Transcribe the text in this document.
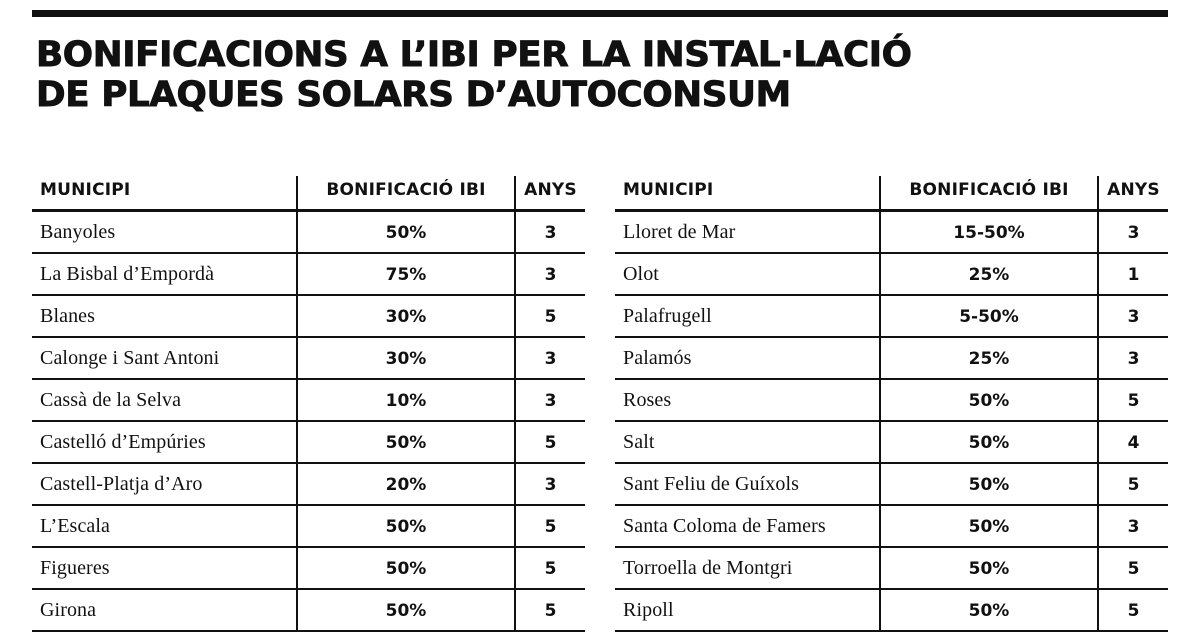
BONIFICACIONS A L’IBI PER LA INSTAL·LACIÓ
DE PLAQUES SOLARS D’AUTOCONSUM
MUNICIPI	BONIFICACIÓ IBI	ANYS
Banyoles	50%	3
La Bisbal d’Empordà	75%	3
Blanes	30%	5
Calonge i Sant Antoni	30%	3
Cassà de la Selva	10%	3
Castelló d’Empúries	50%	5
Castell-Platja d’Aro	20%	3
L’Escala	50%	5
Figueres	50%	5
Girona	50%	5
MUNICIPI	BONIFICACIÓ IBI	ANYS
Lloret de Mar	15-50%	3
Olot	25%	1
Palafrugell	5-50%	3
Palamós	25%	3
Roses	50%	5
Salt	50%	4
Sant Feliu de Guíxols	50%	5
Santa Coloma de Famers	50%	3
Torroella de Montgri	50%	5
Ripoll	50%	5
